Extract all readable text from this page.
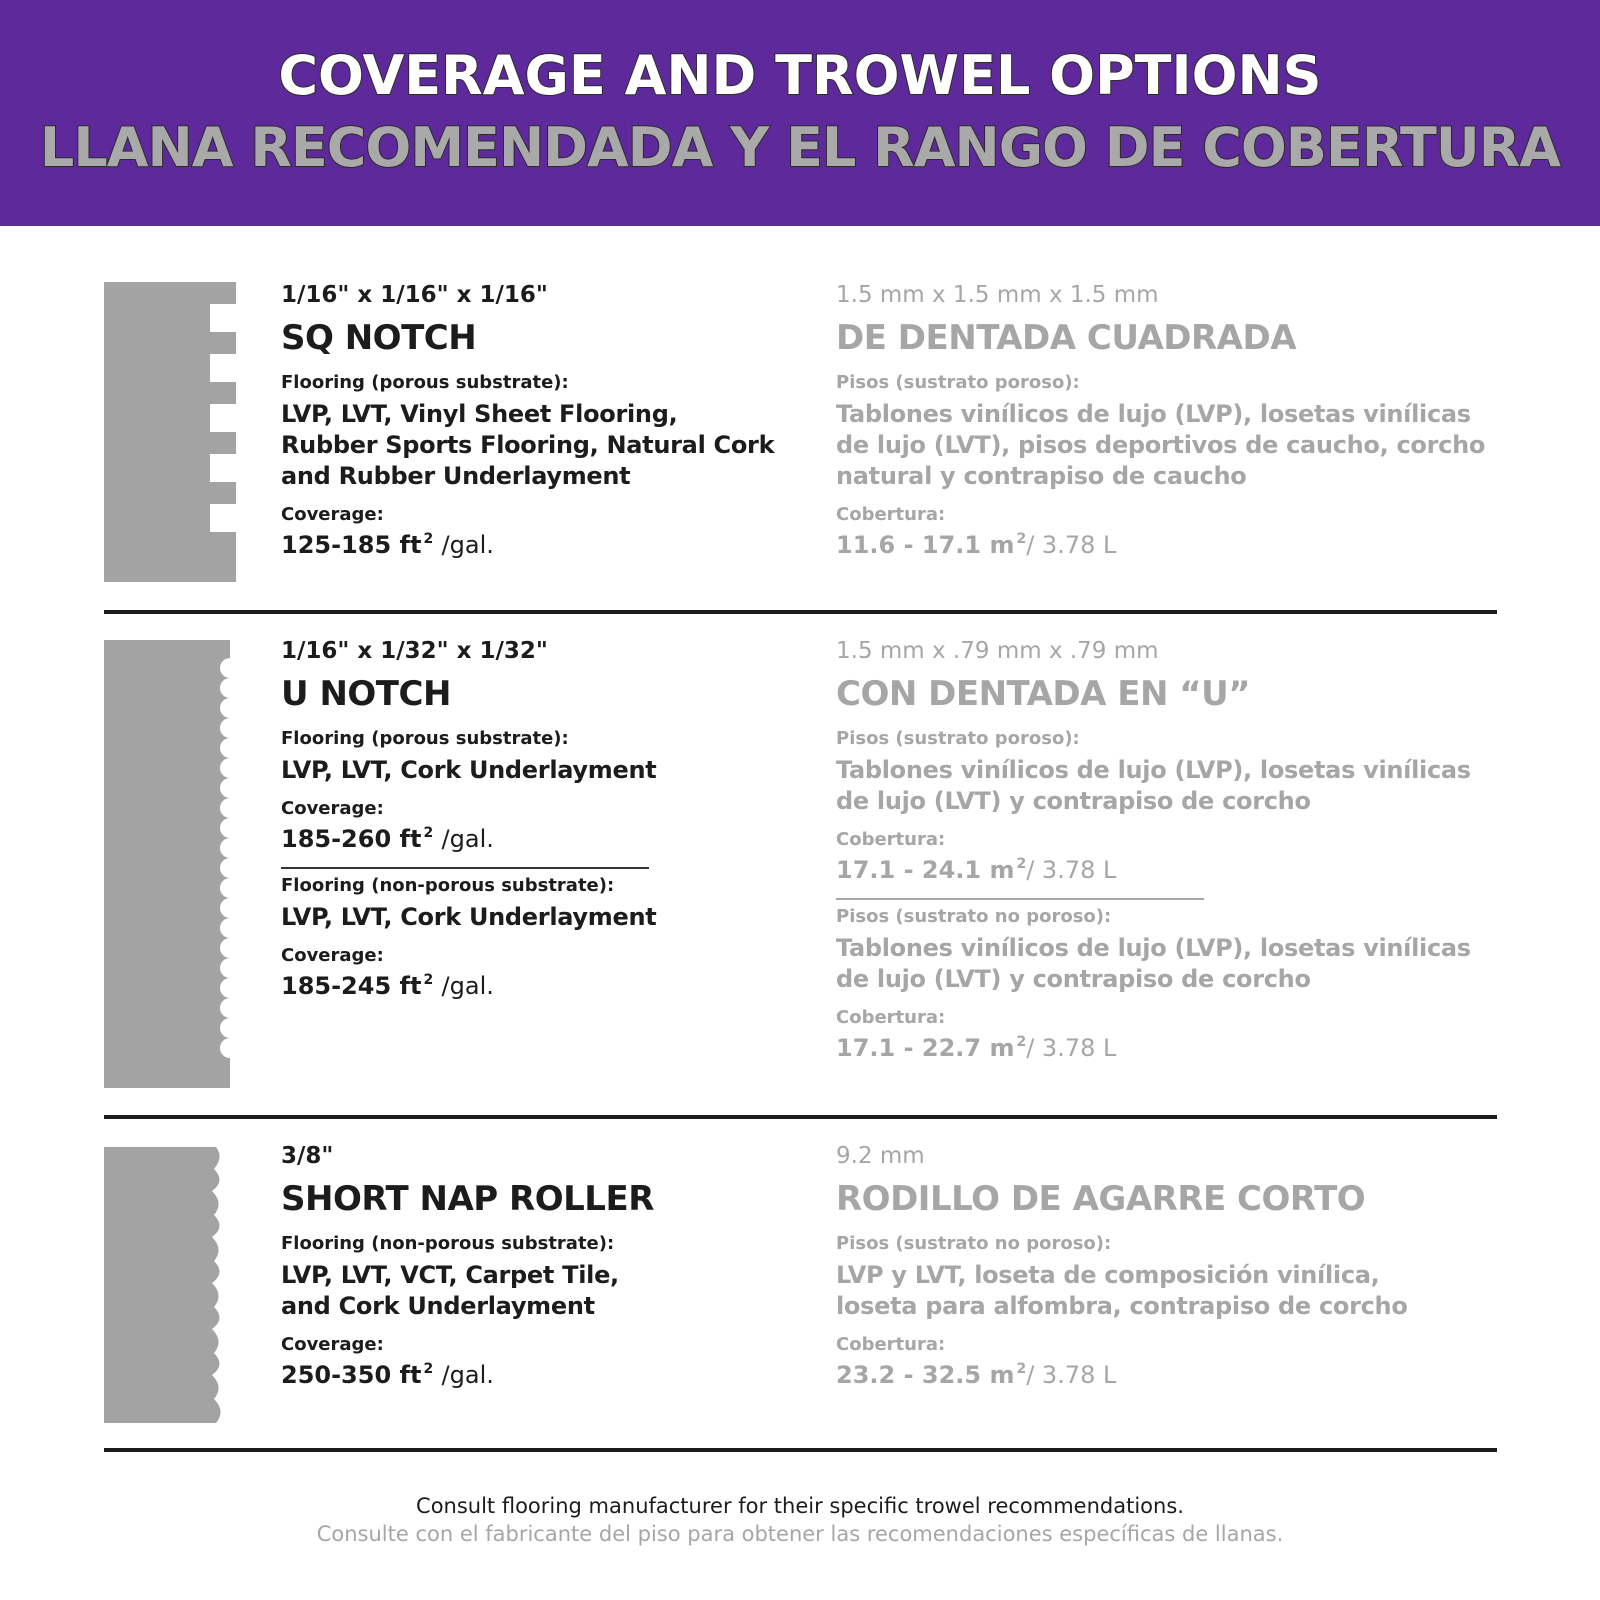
COVERAGE AND TROWEL OPTIONS
LLANA RECOMENDADA Y EL RANGO DE COBERTURA
1/16" x 1/16" x 1/16"
SQ NOTCH
Flooring (porous substrate):
LVP, LVT, Vinyl Sheet Flooring,
Rubber Sports Flooring, Natural Cork
and Rubber Underlayment
Coverage:
125-185 ft $^2$ /gal.
1.5 mm x 1.5 mm x 1.5 mm
DE DENTADA CUADRADA
Pisos (sustrato poroso):
Tablones vinílicos de lujo (LVP), losetas vinílicas
de lujo (LVT), pisos deportivos de caucho, corcho
natural y contrapiso de caucho
Cobertura:
11.6 - 17.1 m $^2$/ 3.78 L
1/16" x 1/32" x 1/32"
U NOTCH
Flooring (porous substrate):
LVP, LVT, Cork Underlayment
Coverage:
185-260 ft $^2$ /gal.
Flooring (non-porous substrate):
LVP, LVT, Cork Underlayment
Coverage:
185-245 ft $^2$ /gal.
1.5 mm x .79 mm x .79 mm
CON DENTADA EN “U”
Pisos (sustrato poroso):
Tablones vinílicos de lujo (LVP), losetas vinílicas
de lujo (LVT) y contrapiso de corcho
Cobertura:
17.1 - 24.1 m $^2$/ 3.78 L
Pisos (sustrato no poroso):
Tablones vinílicos de lujo (LVP), losetas vinílicas
de lujo (LVT) y contrapiso de corcho
Cobertura:
17.1 - 22.7 m $^2$/ 3.78 L
3/8"
SHORT NAP ROLLER
Flooring (non-porous substrate):
LVP, LVT, VCT, Carpet Tile,
and Cork Underlayment
Coverage:
250-350 ft $^2$ /gal.
9.2 mm
RODILLO DE AGARRE CORTO
Pisos (sustrato no poroso):
LVP y LVT, loseta de composición vinílica,
loseta para alfombra, contrapiso de corcho
Cobertura:
23.2 - 32.5 m $^2$/ 3.78 L
Consult flooring manufacturer for their specific trowel recommendations.
Consulte con el fabricante del piso para obtener las recomendaciones específicas de llanas.
